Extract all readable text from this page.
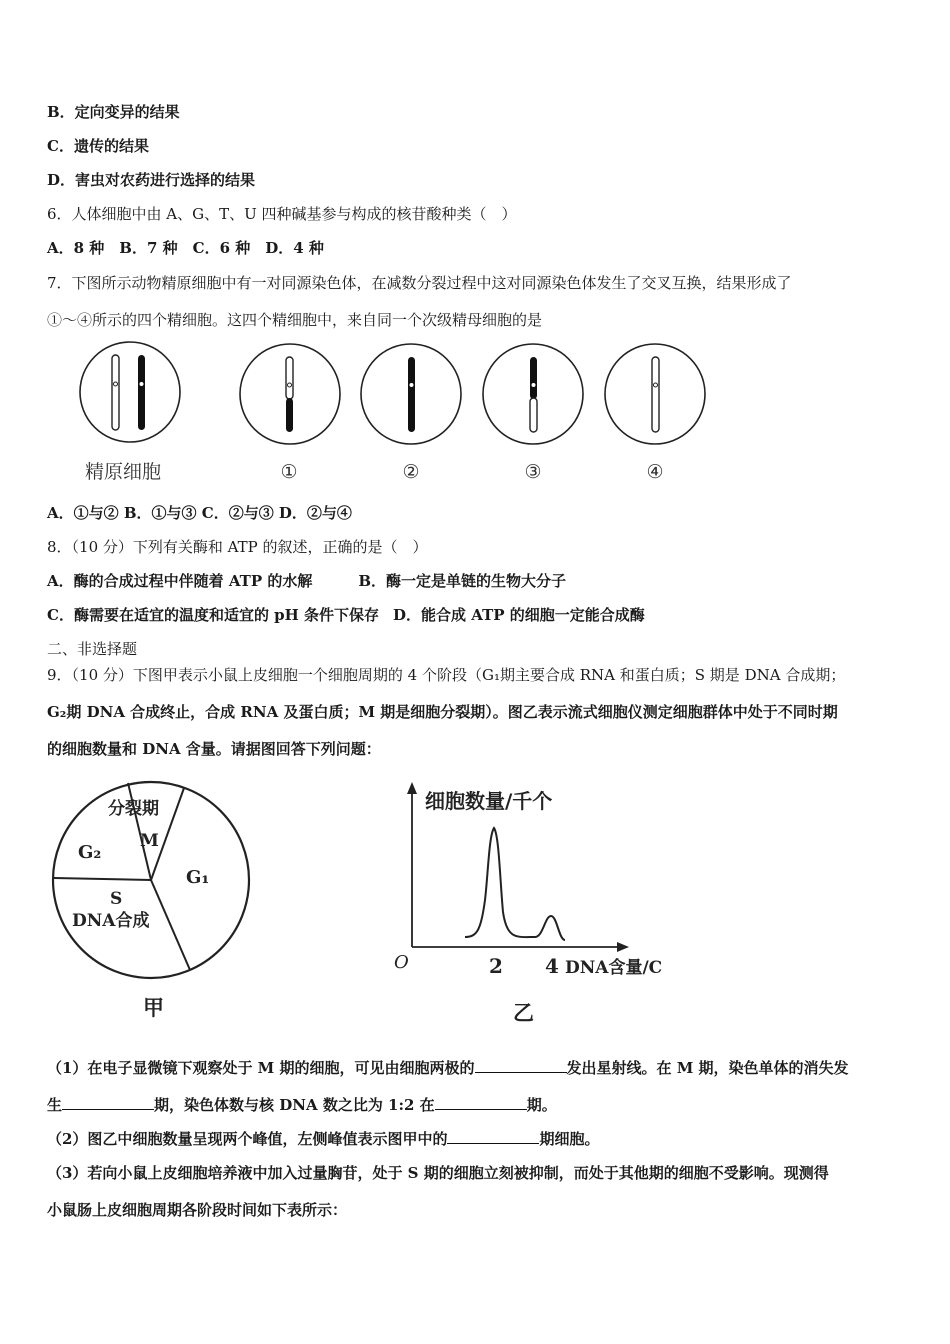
B．定向变异的结果
C．遗传的结果
D．害虫对农药进行选择的结果
6．人体细胞中由 A、G、T、U 四种碱基参与构成的核苷酸种类（　）
A．8 种　B．7 种　C．6 种　D．4 种
7．下图所示动物精原细胞中有一对同源染色体，在减数分裂过程中这对同源染色体发生了交叉互换，结果形成了
①～④所示的四个精细胞。这四个精细胞中，来自同一个次级精母细胞的是
精原细胞	①	②	③	④
A．①与② B．①与③ C．②与③ D．②与④
8．（10 分）下列有关酶和 ATP 的叙述，正确的是（　）
A．酶的合成过程中伴随着 ATP 的水解	B．酶一定是单链的生物大分子
C．酶需要在适宜的温度和适宜的 pH 条件下保存 D．能合成 ATP 的细胞一定能合成酶
二、非选择题
9．（10 分）下图甲表示小鼠上皮细胞一个细胞周期的 4 个阶段（G₁期主要合成 RNA 和蛋白质；S 期是 DNA 合成期；
G₂期 DNA 合成终止，合成 RNA 及蛋白质；M 期是细胞分裂期）。图乙表示流式细胞仪测定细胞群体中处于不同时期
的细胞数量和 DNA 含量。请据图回答下列问题：
分裂期
M
G₂
G₁
S
DNA合成
甲
细胞数量/千个
O	2 4 DNA含量/C
乙
（1）在电子显微镜下观察处于 M 期的细胞，可见由细胞两极的	发出星射线。在 M 期，染色单体的消失发
生	期，染色体数与核 DNA 数之比为 1:2 在	期。
（2）图乙中细胞数量呈现两个峰值，左侧峰值表示图甲中的	期细胞。
（3）若向小鼠上皮细胞培养液中加入过量胸苷，处于 S 期的细胞立刻被抑制，而处于其他期的细胞不受影响。现测得
小鼠肠上皮细胞周期各阶段时间如下表所示：
